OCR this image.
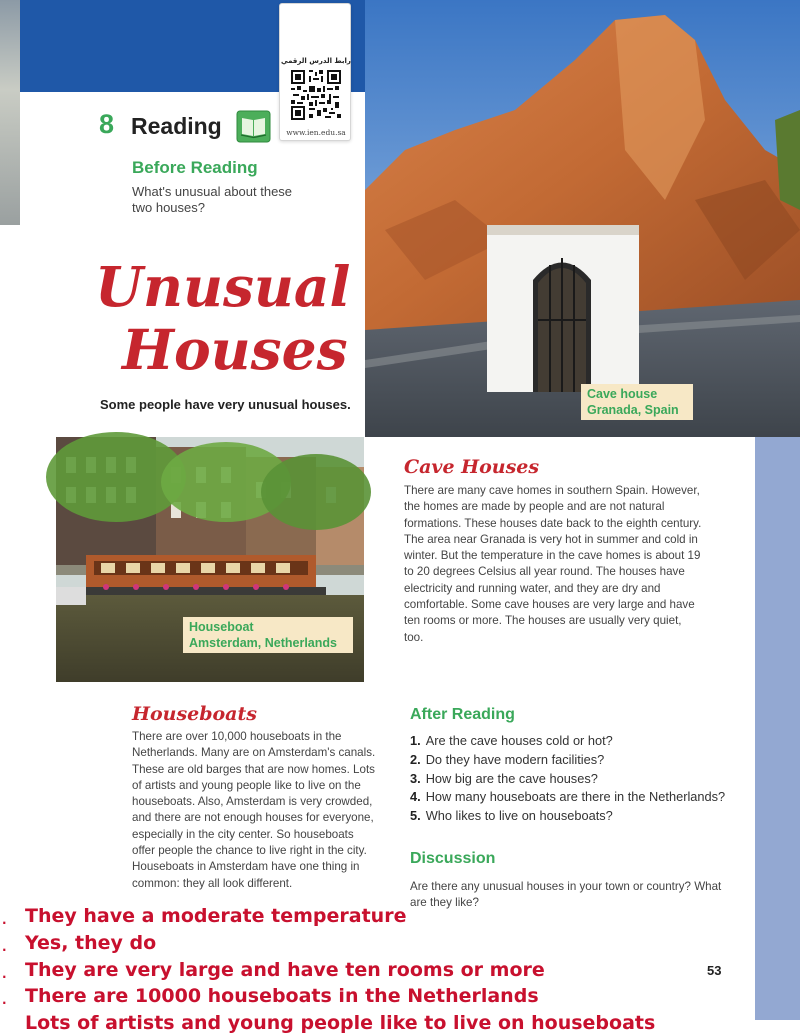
رابط الدرس الرقمي
www.ien.edu.sa
8 Reading
Before Reading
What's unusual about these two houses?
Unusual
Houses
Some people have very unusual houses.
Cave house
Granada, Spain
Houseboat
Amsterdam, Netherlands
Cave Houses
There are many cave homes in southern Spain. However, the homes are made by people and are not natural formations. These houses date back to the eighth century. The area near Granada is very hot in summer and cold in winter. But the temperature in the cave homes is about 19 to 20 degrees Celsius all year round. The houses have electricity and running water, and they are dry and comfortable. Some cave houses are very large and have ten rooms or more. The houses are usually very quiet, too.
Houseboats
There are over 10,000 houseboats in the Netherlands. Many are on Amsterdam's canals. These are old barges that are now homes. Lots of artists and young people like to live on the houseboats. Also, Amsterdam is very crowded, and there are not enough houses for everyone, especially in the city center. So houseboats offer people the chance to live right in the city. Houseboats in Amsterdam have one thing in common: they all look different.
After Reading
1. Are the cave houses cold or hot?
2. Do they have modern facilities?
3. How big are the cave houses?
4. How many houseboats are there in the Netherlands?
5. Who likes to live on houseboats?
Discussion
Are there any unusual houses in your town or country? What are they like?
53
. They have a moderate temperature
. Yes, they do
. They are very large and have ten rooms or more
. There are 10000 houseboats in the Netherlands
Lots of artists and young people like to live on houseboats
